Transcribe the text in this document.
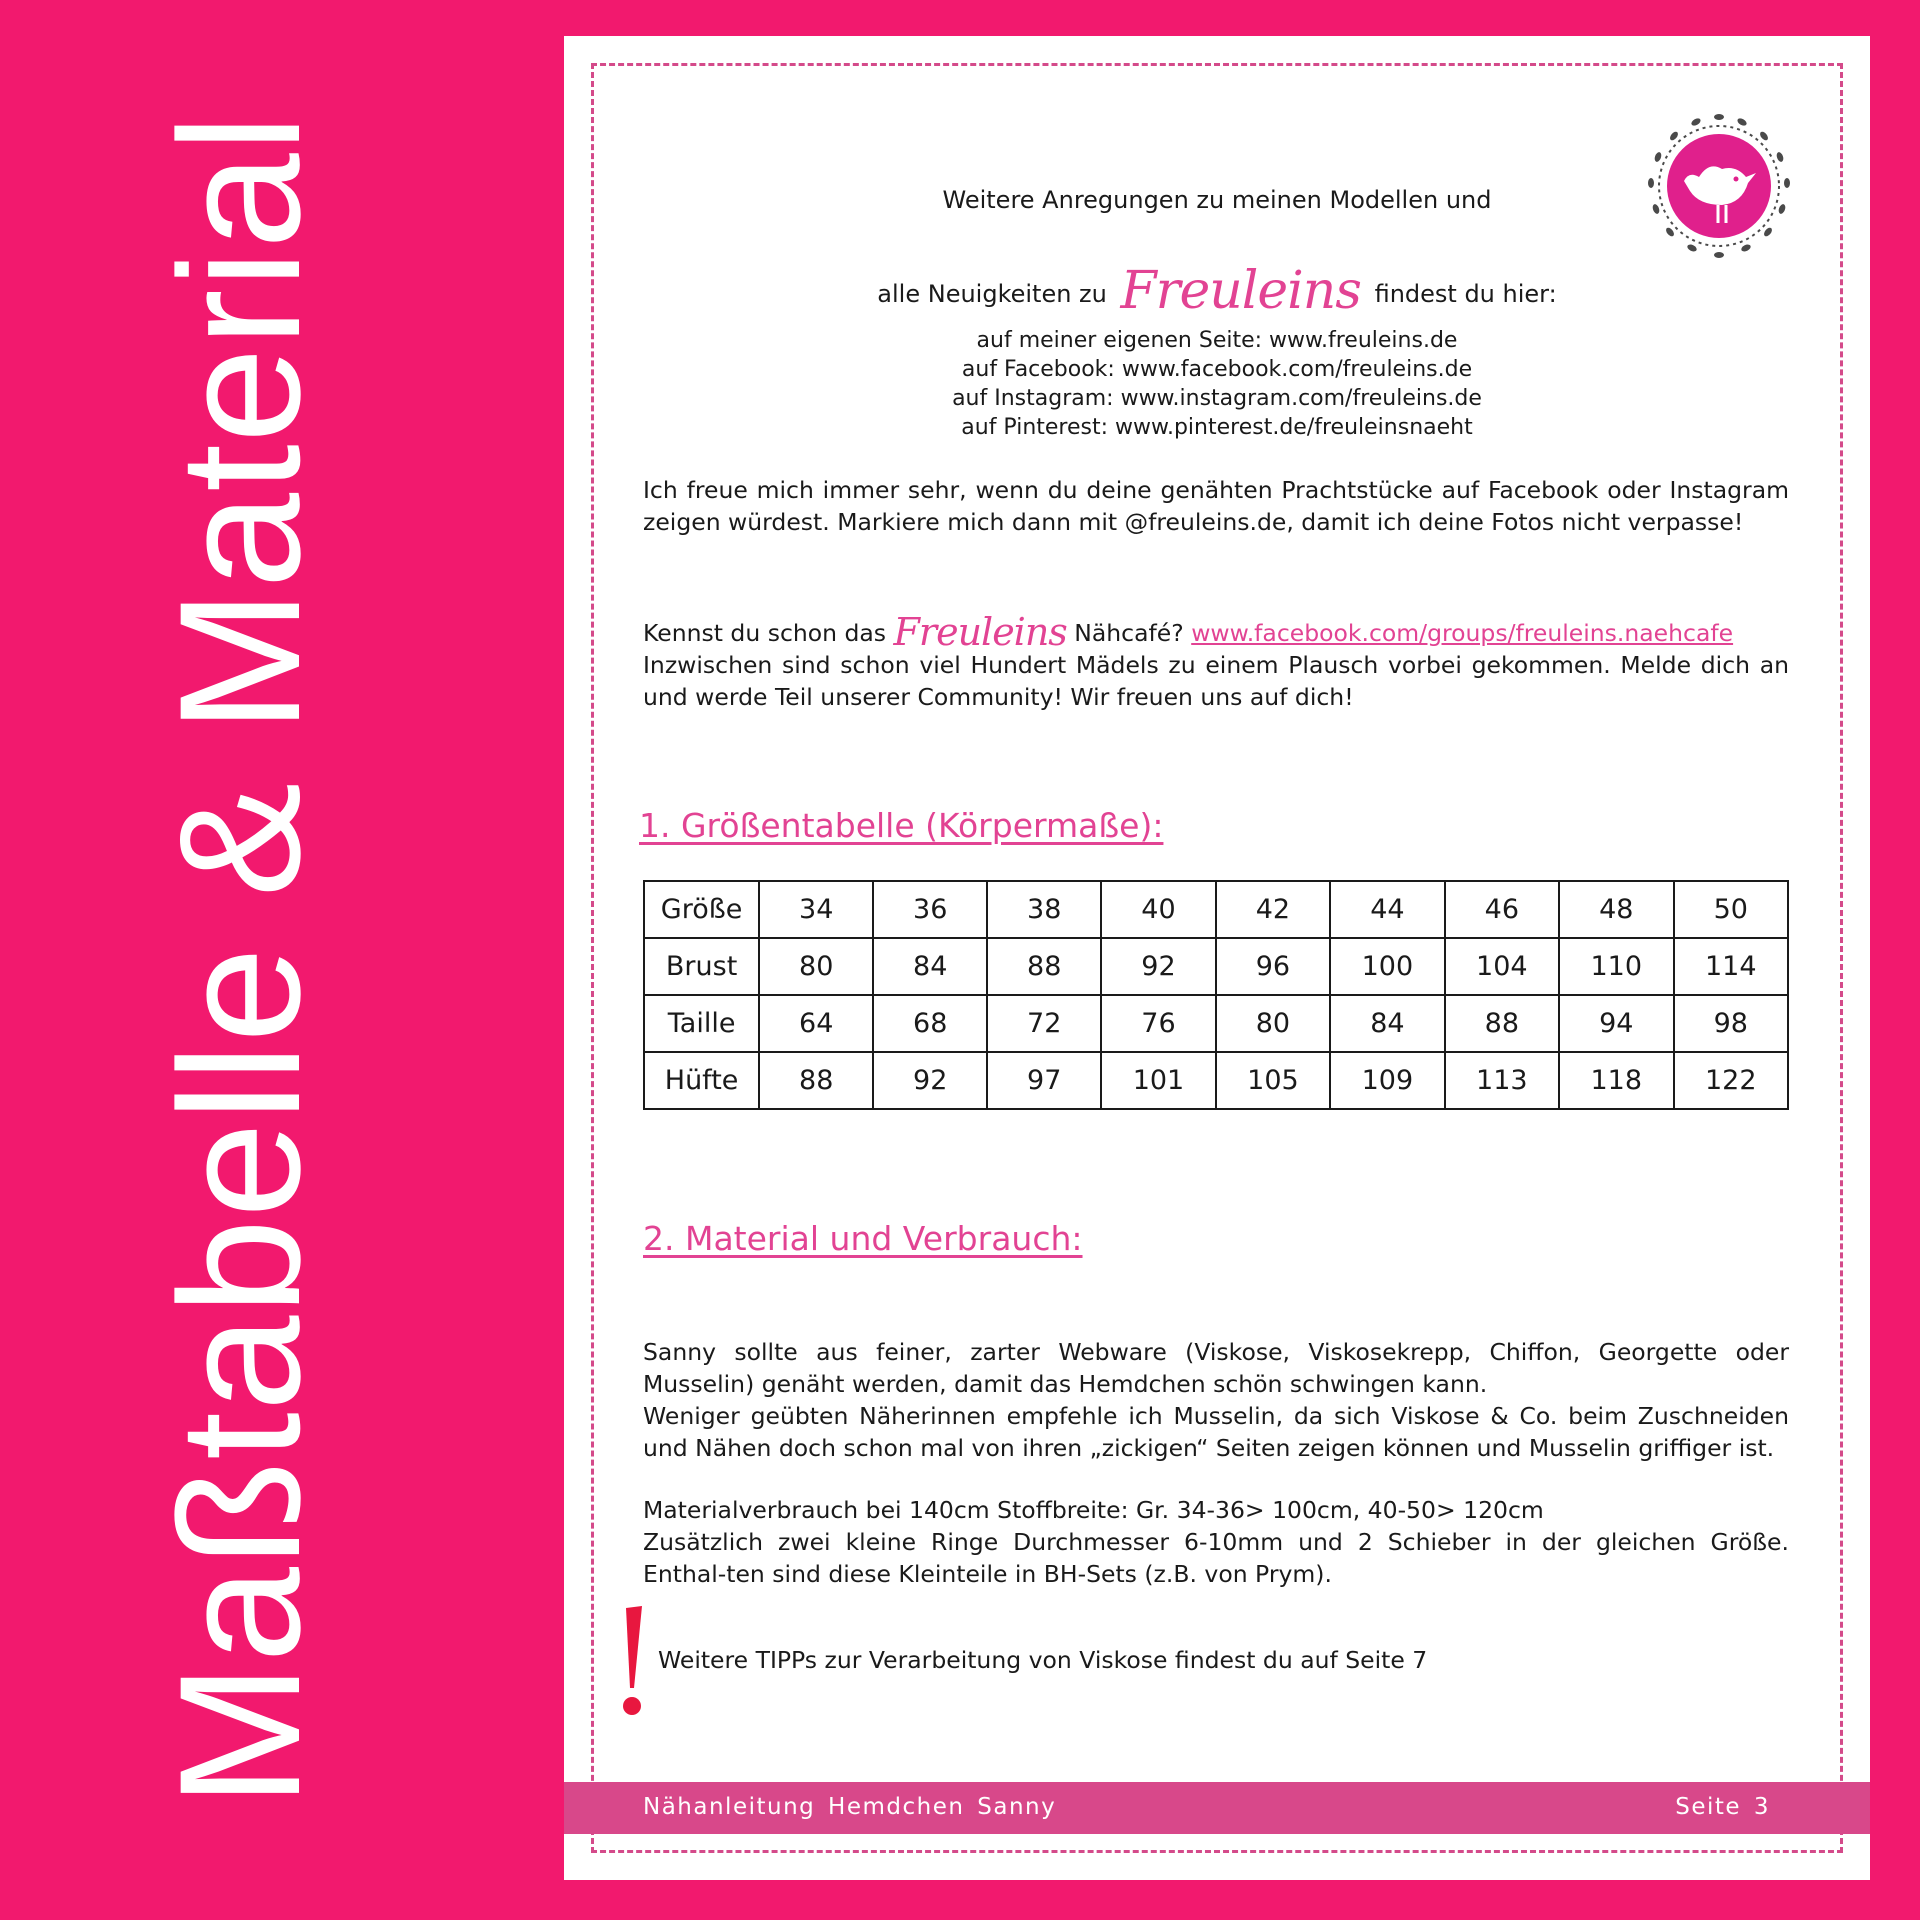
Maßtabelle & Material	Weitere Anregungen zu meinen Modellen und
alle Neuigkeiten zu Freuleins findest du hier:
auf meiner eigenen Seite: www.freuleins.de
auf Facebook: www.facebook.com/freuleins.de
auf Instagram: www.instagram.com/freuleins.de
auf Pinterest: www.pinterest.de/freuleinsnaeht
Ich freue mich immer sehr, wenn du deine genähten Prachtstücke auf Facebook oder Instagram zeigen würdest. Markiere mich dann mit @freuleins.de, damit ich deine Fotos nicht verpasse!
Kennst du schon das Freuleins Nähcafé? www.facebook.com/groups/freuleins.naehcafe
Inzwischen sind schon viel Hundert Mädels zu einem Plausch vorbei gekommen. Melde dich an und werde Teil unserer Community! Wir freuen uns auf dich!
1. Größentabelle (Körpermaße):
Größe	34	36	38	40	42	44	46	48	50
Brust	80	84	88	92	96	100	104	110	114
Taille	64	68	72	76	80	84	88	94	98
Hüfte	88	92	97	101	105	109	113	118	122
2. Material und Verbrauch:
Sanny sollte aus feiner, zarter Webware (Viskose, Viskosekrepp, Chiffon, Georgette oder Musselin) genäht werden, damit das Hemdchen schön schwingen kann.
Weniger geübten Näherinnen empfehle ich Musselin, da sich Viskose & Co. beim Zuschneiden und Nähen doch schon mal von ihren „zickigen“ Seiten zeigen können und Musselin griffiger ist.
Materialverbrauch bei 140cm Stoffbreite: Gr. 34-36> 100cm, 40-50> 120cm
Zusätzlich zwei kleine Ringe Durchmesser 6-10mm und 2 Schieber in der gleichen Größe. Enthal-ten sind diese Kleinteile in BH-Sets (z.B. von Prym).
Weitere TIPPs zur Verarbeitung von Viskose findest du auf Seite 7
Nähanleitung Hemdchen Sanny	Seite 3
